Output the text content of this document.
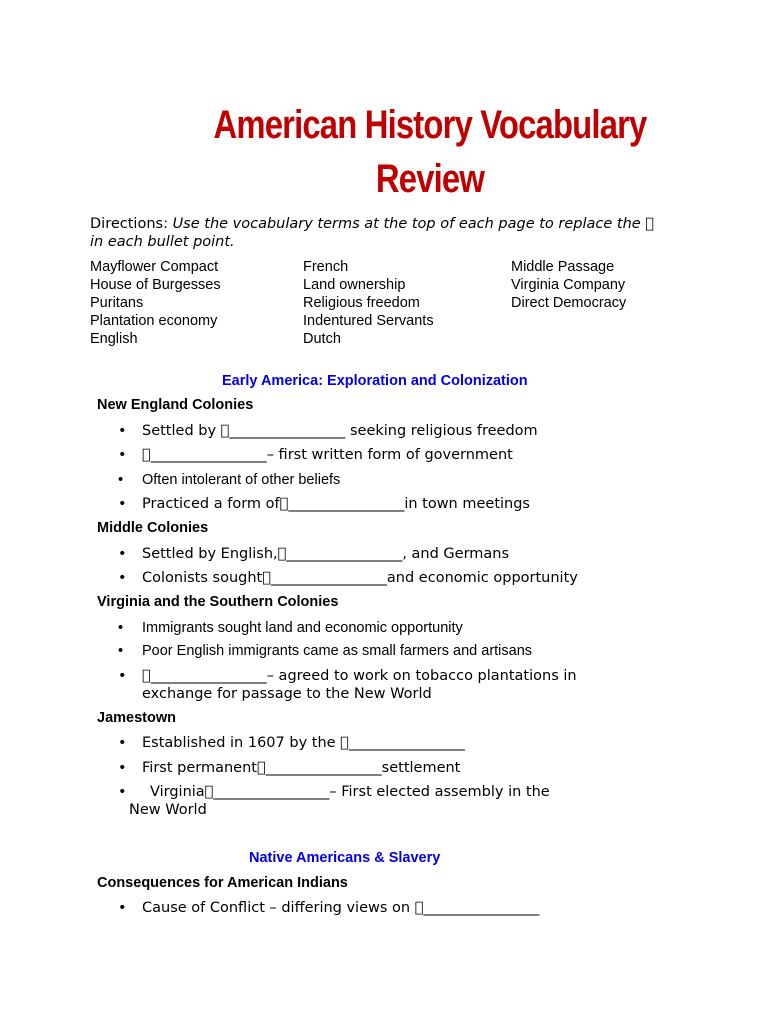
American History Vocabulary
Review
Directions: Use the vocabulary terms at the top of each page to replace the  
in each bullet point.
Mayflower Compact
House of Burgesses
Puritans
Plantation economy
English
French
Land ownership
Religious freedom
Indentured Servants
Dutch
Middle Passage
Virginia Company
Direct Democracy
Early America: Exploration and Colonization
New England Colonies
• Settled by  ________________ seeking religious freedom
•  ________________– first written form of government
• Often intolerant of other beliefs
• Practiced a form of ________________in town meetings
Middle Colonies
• Settled by English, ________________, and Germans
• Colonists sought ________________and economic opportunity
Virginia and the Southern Colonies
• Immigrants sought land and economic opportunity
• Poor English immigrants came as small farmers and artisans
•  ________________– agreed to work on tobacco plantations in
exchange for passage to the New World
Jamestown
• Established in 1607 by the  ________________
• First permanent ________________settlement
• Virginia ________________– First elected assembly in the
New World
Native Americans & Slavery
Consequences for American Indians
• Cause of Conflict – differing views on  ________________
